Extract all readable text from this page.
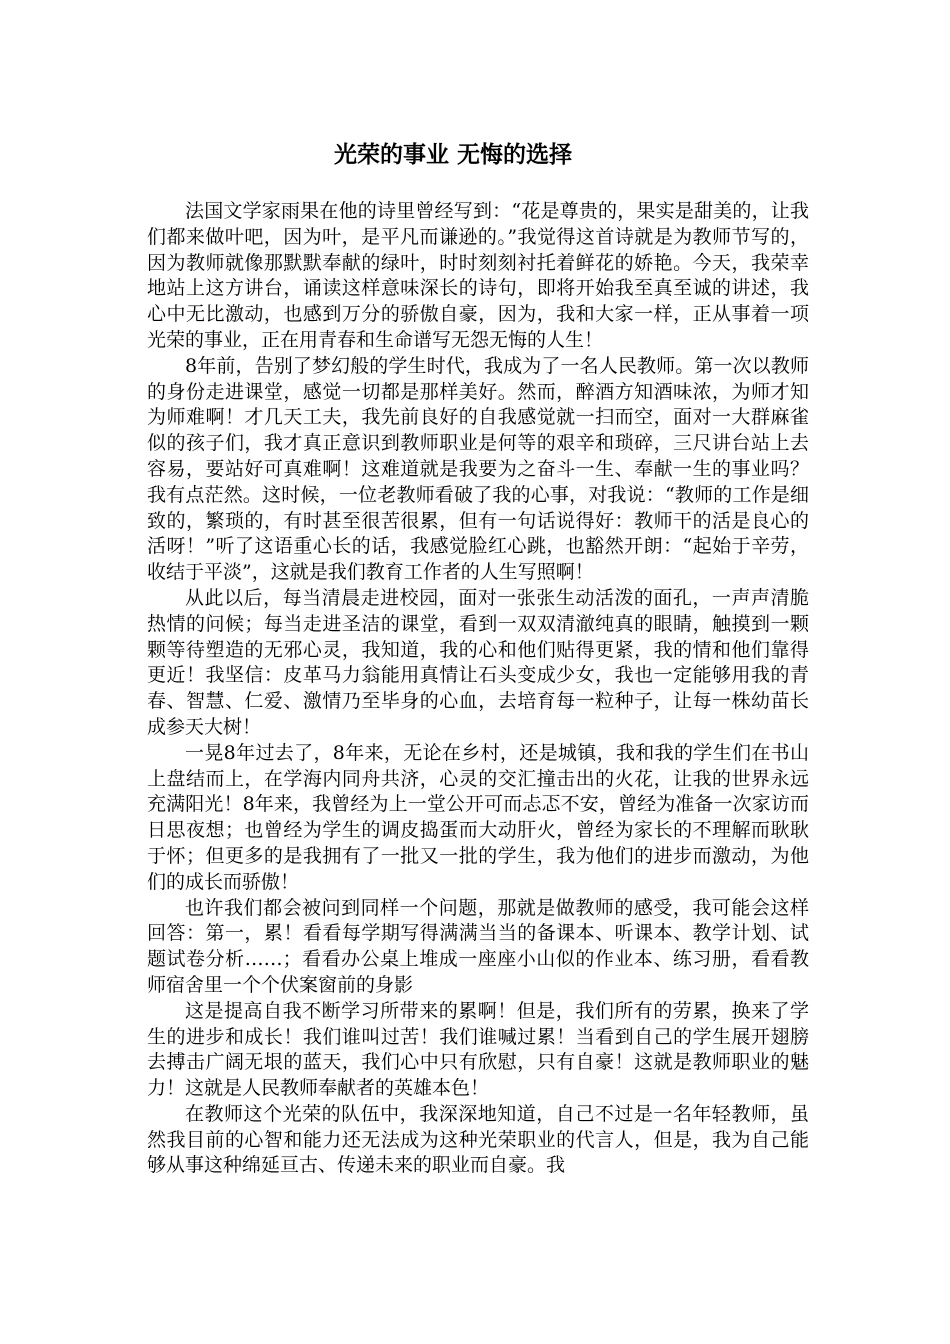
光荣的事业 无悔的选择

法国文学家雨果在他的诗里曾经写到：“花是尊贵的，果实是甜美的，让我们都来做叶吧，因为叶，是平凡而谦逊的。”我觉得这首诗就是为教师节写的，因为教师就像那默默奉献的绿叶，时时刻刻衬托着鲜花的娇艳。今天，我荣幸地站上这方讲台，诵读这样意味深长的诗句，即将开始我至真至诚的讲述，我心中无比激动，也感到万分的骄傲自豪，因为，我和大家一样，正从事着一项光荣的事业，正在用青春和生命谱写无怨无悔的人生！

8年前，告别了梦幻般的学生时代，我成为了一名人民教师。第一次以教师的身份走进课堂，感觉一切都是那样美好。然而，醉酒方知酒味浓，为师才知为师难啊！才几天工夫，我先前良好的自我感觉就一扫而空，面对一大群麻雀似的孩子们，我才真正意识到教师职业是何等的艰辛和琐碎，三尺讲台站上去容易，要站好可真难啊！这难道就是我要为之奋斗一生、奉献一生的事业吗？我有点茫然。这时候，一位老教师看破了我的心事，对我说：“教师的工作是细致的，繁琐的，有时甚至很苦很累，但有一句话说得好：教师干的活是良心的活呀！”听了这语重心长的话，我感觉脸红心跳，也豁然开朗：“起始于辛劳，收结于平淡”，这就是我们教育工作者的人生写照啊！

从此以后，每当清晨走进校园，面对一张张生动活泼的面孔，一声声清脆热情的问候；每当走进圣洁的课堂，看到一双双清澈纯真的眼睛，触摸到一颗颗等待塑造的无邪心灵，我知道，我的心和他们贴得更紧，我的情和他们靠得更近！我坚信：皮革马力翁能用真情让石头变成少女，我也一定能够用我的青春、智慧、仁爱、激情乃至毕身的心血，去培育每一粒种子，让每一株幼苗长成参天大树！

一晃8年过去了，8年来，无论在乡村，还是城镇，我和我的学生们在书山上盘结而上，在学海内同舟共济，心灵的交汇撞击出的火花，让我的世界永远充满阳光！8年来，我曾经为上一堂公开可而忐忑不安，曾经为准备一次家访而日思夜想；也曾经为学生的调皮捣蛋而大动肝火，曾经为家长的不理解而耿耿于怀；但更多的是我拥有了一批又一批的学生，我为他们的进步而激动，为他们的成长而骄傲！

也许我们都会被问到同样一个问题，那就是做教师的感受，我可能会这样回答：第一，累！看看每学期写得满满当当的备课本、听课本、教学计划、试题试卷分析……；看看办公桌上堆成一座座小山似的作业本、练习册，看看教师宿舍里一个个伏案窗前的身影

这是提高自我不断学习所带来的累啊！但是，我们所有的劳累，换来了学生的进步和成长！我们谁叫过苦！我们谁喊过累！当看到自己的学生展开翅膀去搏击广阔无垠的蓝天，我们心中只有欣慰，只有自豪！这就是教师职业的魅力！这就是人民教师奉献者的英雄本色！

在教师这个光荣的队伍中，我深深地知道，自己不过是一名年轻教师，虽然我目前的心智和能力还无法成为这种光荣职业的代言人，但是，我为自己能够从事这种绵延亘古、传递未来的职业而自豪。我
